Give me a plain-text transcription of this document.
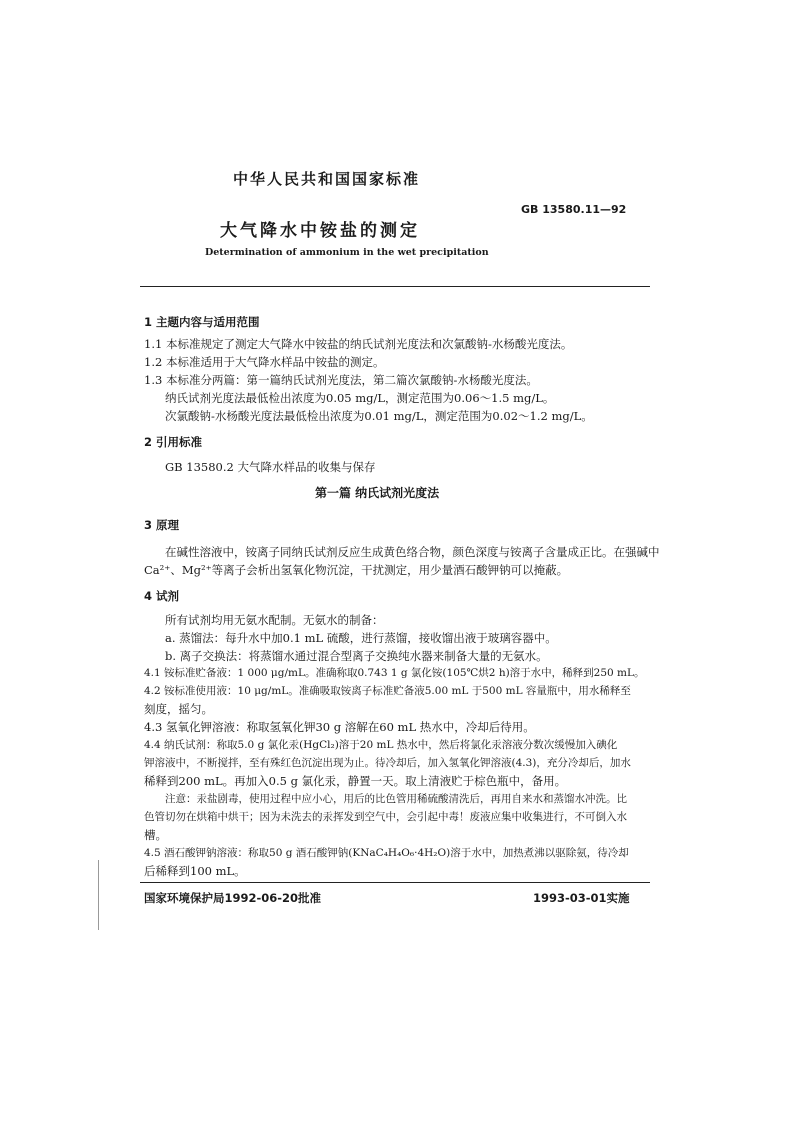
中华人民共和国国家标准
GB 13580.11—92
大气降水中铵盐的测定
Determination of ammonium in the wet precipitation
1 主题内容与适用范围
1.1 本标准规定了测定大气降水中铵盐的纳氏试剂光度法和次氯酸钠-水杨酸光度法。
1.2 本标准适用于大气降水样品中铵盐的测定。
1.3 本标准分两篇：第一篇纳氏试剂光度法，第二篇次氯酸钠-水杨酸光度法。
纳氏试剂光度法最低检出浓度为0.05 mg/L，测定范围为0.06～1.5 mg/L。
次氯酸钠-水杨酸光度法最低检出浓度为0.01 mg/L，测定范围为0.02～1.2 mg/L。
2 引用标准
GB 13580.2 大气降水样品的收集与保存
第一篇 纳氏试剂光度法
3 原理
在碱性溶液中，铵离子同纳氏试剂反应生成黄色络合物，颜色深度与铵离子含量成正比。在强碱中
Ca²⁺、Mg²⁺等离子会析出氢氧化物沉淀，干扰测定，用少量酒石酸钾钠可以掩蔽。
4 试剂
所有试剂均用无氨水配制。无氨水的制备：
a. 蒸馏法：每升水中加0.1 mL 硫酸，进行蒸馏，接收馏出液于玻璃容器中。
b. 离子交换法：将蒸馏水通过混合型离子交换纯水器来制备大量的无氨水。
4.1 铵标准贮备液：1 000 μg/mL。准确称取0.743 1 g 氯化铵(105℃烘2 h)溶于水中，稀释到250 mL。
4.2 铵标准使用液：10 μg/mL。准确吸取铵离子标准贮备液5.00 mL 于500 mL 容量瓶中，用水稀释至
刻度，摇匀。
4.3 氢氧化钾溶液：称取氢氧化钾30 g 溶解在60 mL 热水中，冷却后待用。
4.4 纳氏试剂：称取5.0 g 氯化汞(HgCl₂)溶于20 mL 热水中，然后将氯化汞溶液分数次缓慢加入碘化
钾溶液中，不断搅拌，至有殊红色沉淀出现为止。待冷却后，加入氢氧化钾溶液(4.3)，充分冷却后，加水
稀释到200 mL。再加入0.5 g 氯化汞，静置一天。取上清液贮于棕色瓶中，备用。
注意：汞盐剧毒，使用过程中应小心，用后的比色管用稀硫酸清洗后，再用自来水和蒸馏水冲洗。比
色管切勿在烘箱中烘干；因为未洗去的汞挥发到空气中，会引起中毒！废液应集中收集进行，不可倒入水
槽。
4.5 酒石酸钾钠溶液：称取50 g 酒石酸钾钠(KNaC₄H₄O₆·4H₂O)溶于水中，加热煮沸以驱除氨，待冷却
后稀释到100 mL。
国家环境保护局1992-06-20批准	1993-03-01实施
